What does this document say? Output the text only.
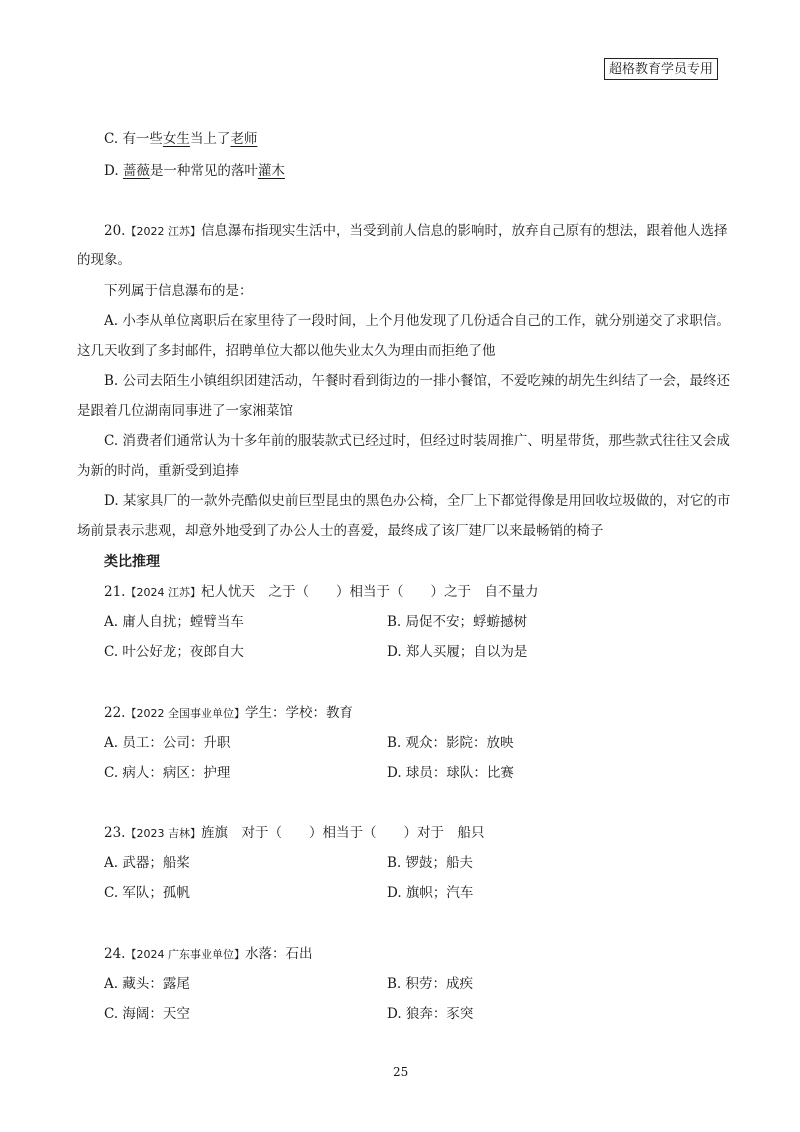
超格教育学员专用
C. 有一些女生当上了老师
D. 蔷薇是一种常见的落叶灌木
20.【2022 江苏】信息瀑布指现实生活中，当受到前人信息的影响时，放弃自己原有的想法，跟着他人选择
的现象。
下列属于信息瀑布的是：
A. 小李从单位离职后在家里待了一段时间，上个月他发现了几份适合自己的工作，就分别递交了求职信。
这几天收到了多封邮件，招聘单位大都以他失业太久为理由而拒绝了他
B. 公司去陌生小镇组织团建活动，午餐时看到街边的一排小餐馆，不爱吃辣的胡先生纠结了一会，最终还
是跟着几位湖南同事进了一家湘菜馆
C. 消费者们通常认为十多年前的服装款式已经过时，但经过时装周推广、明星带货，那些款式往往又会成
为新的时尚，重新受到追捧
D. 某家具厂的一款外壳酷似史前巨型昆虫的黑色办公椅，全厂上下都觉得像是用回收垃圾做的，对它的市
场前景表示悲观，却意外地受到了办公人士的喜爱，最终成了该厂建厂以来最畅销的椅子
类比推理
21.【2024 江苏】杞人忧天　之于（　　）相当于（　　）之于　自不量力
A. 庸人自扰；螳臂当车	B. 局促不安；蜉蝣撼树
C. 叶公好龙；夜郎自大	D. 郑人买履；自以为是
22.【2022 全国事业单位】学生：学校：教育
A. 员工：公司：升职	B. 观众：影院：放映
C. 病人：病区：护理	D. 球员：球队：比赛
23.【2023 吉林】旌旗　对于（　　）相当于（　　）对于　船只
A. 武器；船桨	B. 锣鼓；船夫
C. 军队；孤帆	D. 旗帜；汽车
24.【2024 广东事业单位】水落：石出
A. 藏头：露尾	B. 积劳：成疾
C. 海阔：天空	D. 狼奔：豕突
25
